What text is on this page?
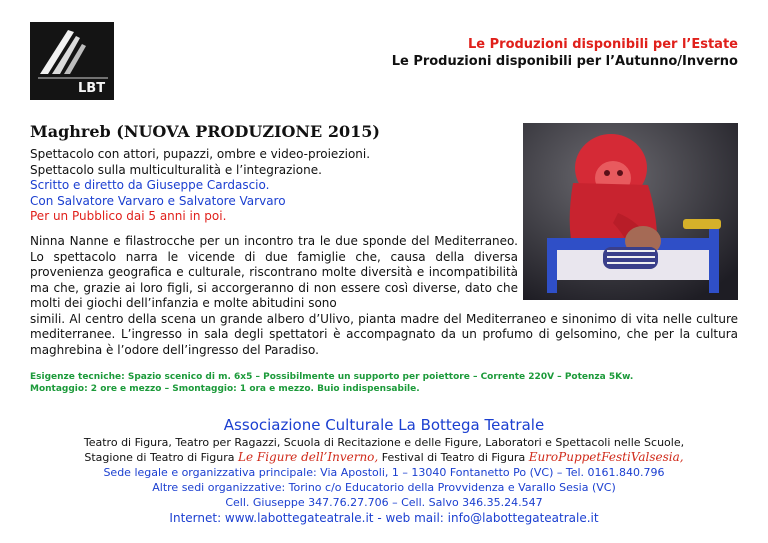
LBT
Le Produzioni disponibili per l’Estate
Le Produzioni disponibili per l’Autunno/Inverno
Maghreb (NUOVA PRODUZIONE 2015)
Spettacolo con attori, pupazzi, ombre e video-proiezioni.
Spettacolo sulla multiculturalità e l’integrazione.
Scritto e diretto da Giuseppe Cardascio.
Con Salvatore Varvaro e Salvatore Varvaro
Per un Pubblico dai 5 anni in poi.

Ninna Nanne e filastrocche per un incontro tra le due sponde del Mediterraneo. Lo spettacolo narra le vicende di due famiglie che, causa della diversa provenienza geografica e culturale, riscontrano molte diversità e incompatibilità ma che, grazie ai loro figli, si accorgeranno di non essere così diverse, dato che molti dei giochi dell’infanzia e molte abitudini sono

simili. Al centro della scena un grande albero d’Ulivo, pianta madre del Mediterraneo e sinonimo di vita nelle culture mediterranee. L’ingresso in sala degli spettatori è accompagnato da un profumo di gelsomino, che per la cultura maghrebina è l’odore dell’ingresso del Paradiso.

Esigenze tecniche: Spazio scenico di m. 6x5 – Possibilmente un supporto per poiettore – Corrente 220V – Potenza 5Kw.
Montaggio: 2 ore e mezzo – Smontaggio: 1 ora e mezzo. Buio indispensabile.
Associazione Culturale La Bottega Teatrale
Teatro di Figura, Teatro per Ragazzi, Scuola di Recitazione e delle Figure, Laboratori e Spettacoli nelle Scuole,
Stagione di Teatro di Figura Le Figure dell’Inverno, Festival di Teatro di Figura EuroPuppetFestiValsesia,
Sede legale e organizzativa principale: Via Apostoli, 1 – 13040 Fontanetto Po (VC) – Tel. 0161.840.796
Altre sedi organizzative: Torino c/o Educatorio della Provvidenza e Varallo Sesia (VC)
Cell. Giuseppe 347.76.27.706 – Cell. Salvo 346.35.24.547
Internet: www.labottegateatrale.it - web mail: info@labottegateatrale.it
